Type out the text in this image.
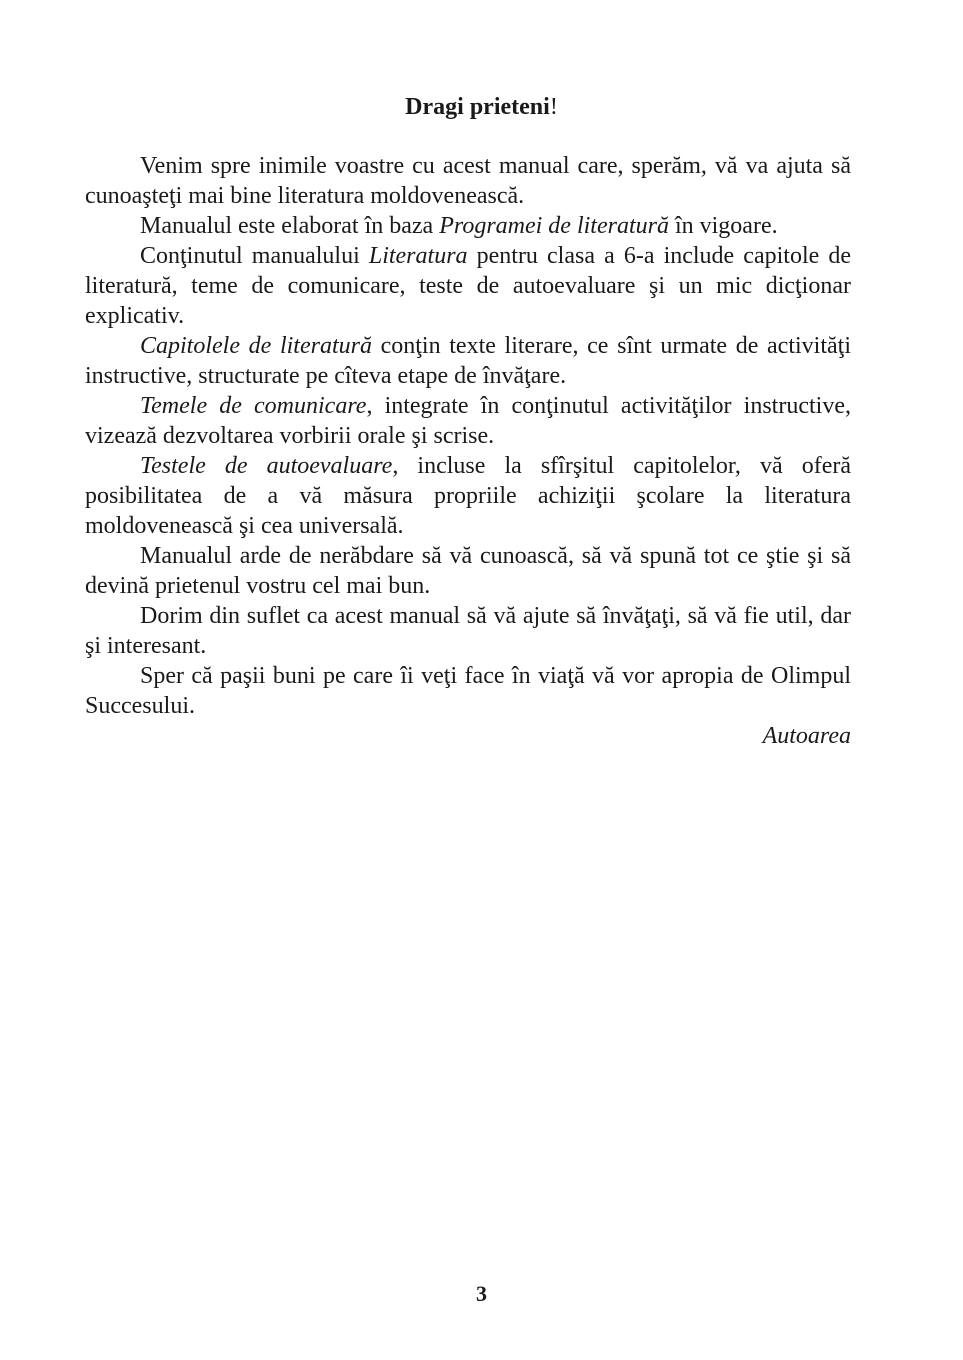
Dragi prieteni!

Venim spre inimile voastre cu acest manual care, sperăm, vă va ajuta să cunoaşteţi mai bine literatura moldovenească.

Manualul este elaborat în baza Programei de literatură în vigoare.

Conţinutul manualului Literatura pentru clasa a 6-a include capitole de literatură, teme de comunicare, teste de autoevaluare şi un mic dicţionar explicativ.

Capitolele de literatură conţin texte literare, ce sînt urmate de activităţi instructive, structurate pe cîteva etape de învăţare.

Temele de comunicare, integrate în conţinutul activităţilor instructive, vizează dezvoltarea vorbirii orale şi scrise.

Testele de autoevaluare, incluse la sfîrşitul capitolelor, vă oferă posibilitatea de a vă măsura propriile achiziţii şcolare la literatura moldovenească şi cea universală.

Manualul arde de nerăbdare să vă cunoască, să vă spună tot ce ştie şi să devină prietenul vostru cel mai bun.

Dorim din suflet ca acest manual să vă ajute să învăţaţi, să vă fie util, dar şi interesant.

Sper că paşii buni pe care îi veţi face în viaţă vă vor apropia de Olimpul Succesului.

Autoarea

3
